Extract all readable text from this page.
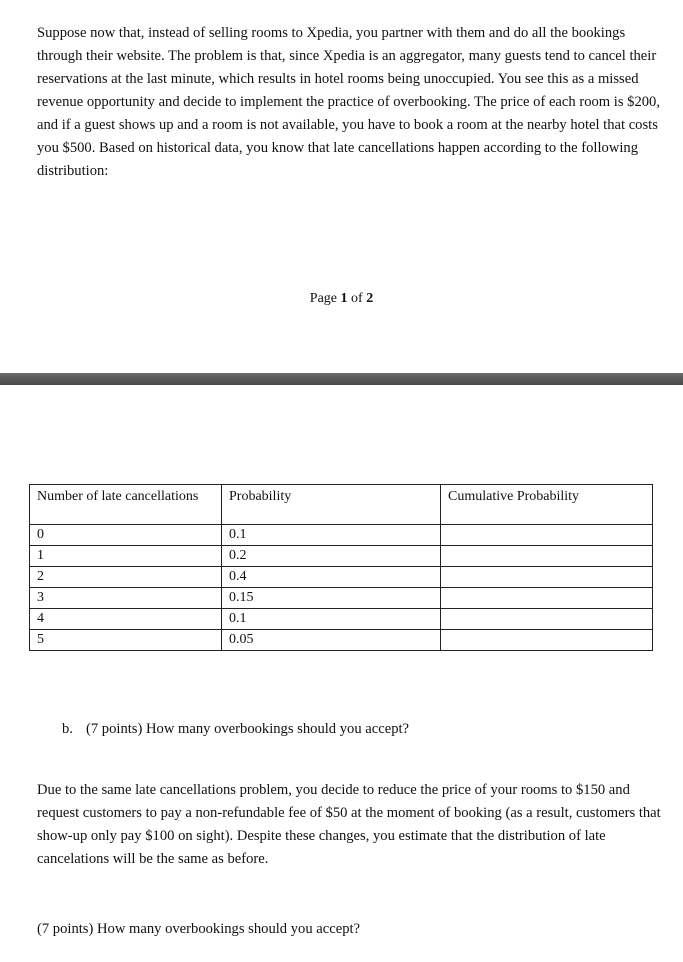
Suppose now that, instead of selling rooms to Xpedia, you partner with them and do all the bookings through their website. The problem is that, since Xpedia is an aggregator, many guests tend to cancel their reservations at the last minute, which results in hotel rooms being unoccupied. You see this as a missed revenue opportunity and decide to implement the practice of overbooking. The price of each room is $200, and if a guest shows up and a room is not available, you have to book a room at the nearby hotel that costs you $500. Based on historical data, you know that late cancellations happen according to the following distribution:

Page 1 of 2
Number of late cancellations	Probability	Cumulative Probability
0	0.1	
1	0.2	
2	0.4	
3	0.15	
4	0.1	
5	0.05	

b. (7 points) How many overbookings should you accept?

Due to the same late cancellations problem, you decide to reduce the price of your rooms to $150 and request customers to pay a non-refundable fee of $50 at the moment of booking (as a result, customers that show-up only pay $100 on sight). Despite these changes, you estimate that the distribution of late cancelations will be the same as before.

(7 points) How many overbookings should you accept?
